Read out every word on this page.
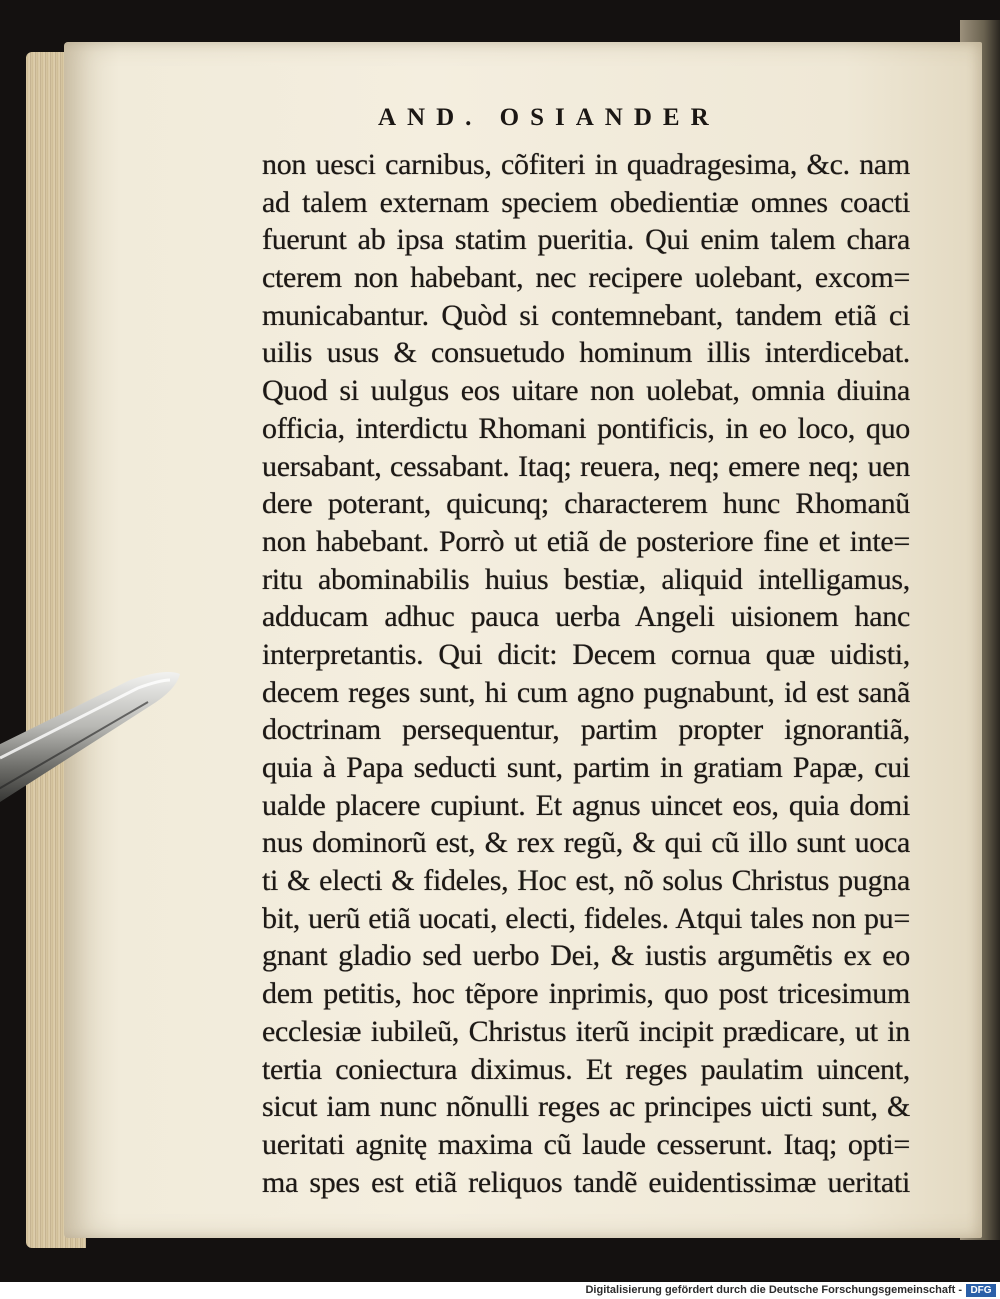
AND. OSIANDER
non uesci carnibus, cõfiteri in quadragesima, &c. nam
ad talem externam speciem obedientiæ omnes coacti
fuerunt ab ipsa statim pueritia. Qui enim talem chara
cterem non habebant, nec recipere uolebant, excom=
municabantur. Quòd si contemnebant, tandem etiã ci
uilis usus & consuetudo hominum illis interdicebat.
Quod si uulgus eos uitare non uolebat, omnia diuina
officia, interdictu Rhomani pontificis, in eo loco, quo
uersabant, cessabant. Itaq; reuera, neq; emere neq; uen
dere poterant, quicunq; characterem hunc Rhomanũ
non habebant. Porrò ut etiã de posteriore fine et inte=
ritu abominabilis huius bestiæ, aliquid intelligamus,
adducam adhuc pauca uerba Angeli uisionem hanc
interpretantis. Qui dicit: Decem cornua quæ uidisti,
decem reges sunt, hi cum agno pugnabunt, id est sanã
doctrinam persequentur, partim propter ignorantiã,
quia à Papa seducti sunt, partim in gratiam Papæ, cui
ualde placere cupiunt. Et agnus uincet eos, quia domi
nus dominorũ est, & rex regũ, & qui cũ illo sunt uoca
ti & electi & fideles, Hoc est, nõ solus Christus pugna
bit, uerũ etiã uocati, electi, fideles. Atqui tales non pu=
gnant gladio sed uerbo Dei, & iustis argumẽtis ex eo
dem petitis, hoc tẽpore inprimis, quo post tricesimum
ecclesiæ iubileũ, Christus iterũ incipit prædicare, ut in
tertia coniectura diximus. Et reges paulatim uincent,
sicut iam nunc nõnulli reges ac principes uicti sunt, &
ueritati agnitę maxima cũ laude cesserunt. Itaq; opti=
ma spes est etiã reliquos tandẽ euidentissimæ ueritati
Digitalisierung gefördert durch die Deutsche Forschungsgemeinschaft - DFG
